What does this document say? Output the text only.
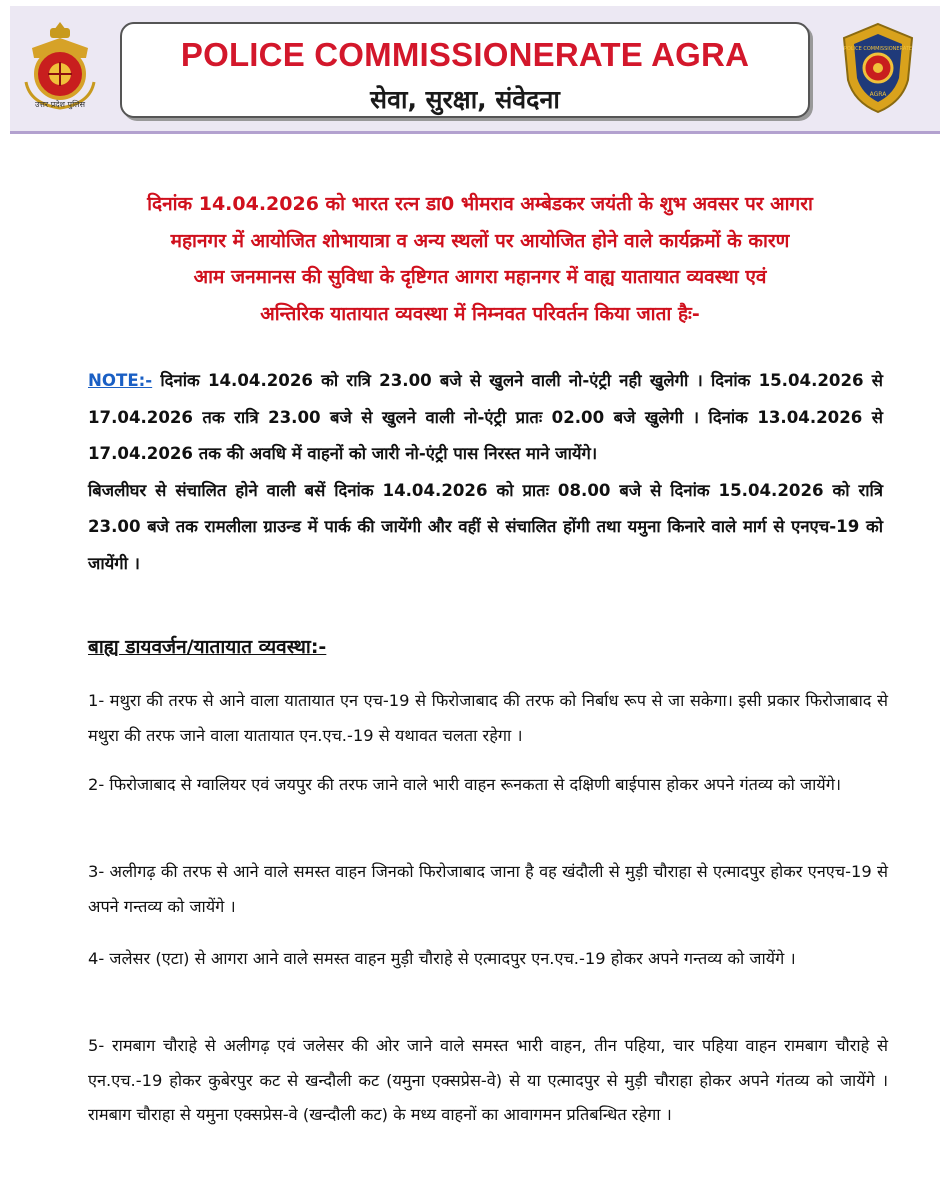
उत्तर प्रदेश पुलिस
POLICE COMMISSIONERATE AGRA
सेवा, सुरक्षा, संवेदना
POLICE COMMISSIONERATE
AGRA
दिनांक 14.04.2026 को भारत रत्न डा0 भीमराव अम्बेडकर जयंती के शुभ अवसर पर आगरा
महानगर में आयोजित शोभायात्रा व अन्य स्थलों पर आयोजित होने वाले कार्यक्रमों के कारण
आम जनमानस की सुविधा के दृष्टिगत आगरा महानगर में वाह्य यातायात व्यवस्था एवं
अन्तिरिक यातायात व्यवस्था में निम्नवत परिवर्तन किया जाता हैः-
NOTE:- दिनांक 14.04.2026 को रात्रि 23.00 बजे से खुलने वाली नो-एंट्री नही खुलेगी । दिनांक 15.04.2026 से 17.04.2026 तक रात्रि 23.00 बजे से खुलने वाली नो-एंट्री प्रातः 02.00 बजे खुलेगी । दिनांक 13.04.2026 से 17.04.2026 तक की अवधि में वाहनों को जारी नो-एंट्री पास निरस्त माने जायेंगे।
बिजलीघर से संचालित होने वाली बसें दिनांक 14.04.2026 को प्रातः 08.00 बजे से दिनांक 15.04.2026 को रात्रि 23.00 बजे तक रामलीला ग्राउन्ड में पार्क की जायेंगी और वहीं से संचालित होंगी तथा यमुना किनारे वाले मार्ग से एनएच-19 को जायेंगी ।
बाह्य डायवर्जन/यातायात व्यवस्था:-
1- मथुरा की तरफ से आने वाला यातायात एन एच-19 से फिरोजाबाद की तरफ को निर्बाध रूप से जा सकेगा। इसी प्रकार फिरोजाबाद से मथुरा की तरफ जाने वाला यातायात एन.एच.-19 से यथावत चलता रहेगा ।
2- फिरोजाबाद से ग्वालियर एवं जयपुर की तरफ जाने वाले भारी वाहन रूनकता से दक्षिणी बाईपास होकर अपने गंतव्य को जायेंगे।
3- अलीगढ़ की तरफ से आने वाले समस्त वाहन जिनको फिरोजाबाद जाना है वह खंदौली से मुड़ी चौराहा से एत्मादपुर होकर एनएच-19 से अपने गन्तव्य को जायेंगे ।
4- जलेसर (एटा) से आगरा आने वाले समस्त वाहन मुड़ी चौराहे से एत्मादपुर एन.एच.-19 होकर अपने गन्तव्य को जायेंगे ।
5- रामबाग चौराहे से अलीगढ़ एवं जलेसर की ओर जाने वाले समस्त भारी वाहन, तीन पहिया, चार पहिया वाहन रामबाग चौराहे से एन.एच.-19 होकर कुबेरपुर कट से खन्दौली कट (यमुना एक्सप्रेस-वे) से या एत्मादपुर से मुड़ी चौराहा होकर अपने गंतव्य को जायेंगे । रामबाग चौराहा से यमुना एक्सप्रेस-वे (खन्दौली कट) के मध्य वाहनों का आवागमन प्रतिबन्धित रहेगा ।
